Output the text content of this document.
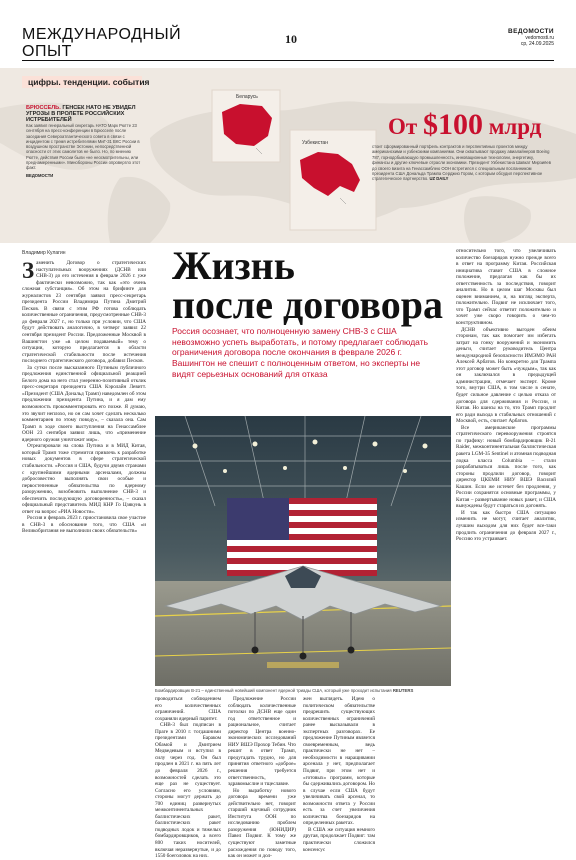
МЕЖДУНАРОДНЫЙ
ОПЫТ
10
ВЕДОМОСТИ
vedomosti.ru
ср, 24.09.2025
цифры. тенденции. события
Беларусь
Узбекистан
БРЮССЕЛЬ. ГЕНСЕК НАТО НЕ УВИДЕЛ УГРОЗЫ В ПРОЛЕТЕ РОССИЙСКИХ ИСТРЕБИТЕЛЕЙ
Как заявил генеральный секретарь НАТО Марк Рютте 23 сентября на пресс-конференции в Брюсселе после заседания Североатлантического совета в связи с инцидентом с тремя истребителями МиГ-31 ВКС России в воздушном пространстве Эстонии, непосредственной опасности от этих самолетов не было. Но, по мнению Рютте, действия России были «не неосмотрительны, или преднамеренными». Минобороны России опровергло этот факт.
ВЕДОМОСТИ
От $100 млрд
стоит сформированный портфель контрактов и перспективных проектов между американскими и узбекскими компаниями. Они охватывают продажу авиалайнеров Boeing 787, горнодобывающую промышленность, инновационные технологии, энергетику, финансы и другие ключевые отрасли экономики. Президент Узбекистана Шавкат Мирзиёев до своего визита на Генассамблею ООН встретился с специальным посланником президента США Дональда Трампа Серджио Гором, с которым обсудил перспективное стратегическое партнерство. UZ DAILY
Владимир Кулагин	Жизнь
после договора
Россия осознает, что полноценную замену СНВ-3 с США невозможно успеть выработать, и потому предлагает соблюдать ограничения договора после окончания в феврале 2026 г. Вашингтон не спешит с полноценным ответом, но эксперты не видят серьезных оснований для отказа
З аменить Договор о стратегических наступательных вооружениях (ДСНВ или СНВ-3) до его истечения в феврале 2026 г. уже фактически невозможно, так как «это очень сложная субстанция». Об этом на брифинге для журналистов 23 сентября заявил пресс-секретарь президента России Владимира Путина Дмитрий Песков. В связи с этим РФ готова соблюдать количественные ограничения, предусмотренные СНВ-3 до февраля 2027 г., но только при условии, что США будут действовать аналогично, в четверг заявил 22 сентября президент России. Предложенные Москвой в Вашингтон уже «в целом подаваемый» тему о ситуации, которую предлагается в области стратегической стабильности после истечения последнего стратегического договора, добавил Песков.

За сутки после высказанного Путиным публичного предложения единственной официальной реакцией Белого дома на него стал умеренно-позитивный отклик пресс-секретаря президента США Кэролайн Левитт. «Президент (США Дональд Трамп) наведомлен об этом предложении президента Путина, и я дам ему возможность прокомментировать его позже. Я думаю, это звучит неплохо, но он сам хочет сделать несколько комментариев по этому поводу», – сказала она. Сам Трамп в ходе своего выступления на Генассамблее ООН 23 сентября заявил лишь, что «применение ядерного оружия уничтожит мир».

Отреагировали на слова Путина и в МИД Китая, который Трамп тоже стремится привлечь к разработке новых документов в сфере стратегической стабильности. «Россия и США, будучи двумя странами с крупнейшими ядерными арсеналами, должны добросовестно выполнять свои особые и первостепенные обязательства по ядерному разоружению, возобновить выполнение СНВ-3 и обеспечить последующую договоренность», – сказал официальный представитель МИД КНР Го Цзякунь в ответ на вопрос «РИА Новости».

Россия и февраль 2023 г. приостановила свое участие в СНВ-3 в обоснование того, что США «и Великобритания не выполнили своих обязательств»

Бомбардировщик B-21 – единственный новейший компонент ядерной триады США, который уже проходит испытания REUTERS

проводиться соблюдением его количественных ограничений. США сохраняли ядерный паритет.

СНВ-3 был подписан в Праге в 2010 г. тогдашними президентами Бараком Обамой и Дмитрием Медведевым и вступил в силу через год. Он был продлен в 2021 г. на пять лет до февраля 2026 г., возможностей сделать это еще раз не существует. Согласно его условиям, стороны могут держать до 700 единиц развернутых межконтинентальных баллистических ракет, баллистических ракет подводных лодок и тяжелых бомбардировщиков, а всего 800 таких носителей, включая неразвернутые, и до 1550 боеголовок на них.

Предложение России соблюдать количественные потолки по ДСНВ еще один год ответственное и рациональное, считает директор Центра военно-экономических исследований НИУ ВШЭ Прохор Тебин. Что решит в ответ Трамп, предугадать трудно, но для принятия ответного «доброе» решения требуется ответственность, здравомыслие и тщеславие.

Но выработку нового договора времени уже действительно нет, говорит старший научный сотрудник Института ООН по исследованию проблем разоружения (ЮНИДИР) Павел Подвиг. К тому же существуют заметные расхождения по поводу того, как он может и дол-

жен выглядеть. Идею о политическом обязательстве предрешить существующих количественных ограничений ранее высказывали в экспертных разговорах. Ее предложение Путиным является своевременным, ведь практически не нет – необходимости в наращивании арсенала у нет, предполагает Подвиг, при этом нет и «готовых» программ, которые бы сдерживались договором. Но в случае если США будут увеличивать свой арсенал, то возможности ответа у России есть за счет увеличения количества боезарядов на определенных ракетах.

В США же ситуация немного другая, продолжает Подвиг: там практически сложился консенсус

относительно того, что увеличивать количество боезарядов нужно прежде всего в ответ на программу Китая. Российская инициатива ставит США в сложное положение, предлагая как бы их ответственность за последствия, говорит аналитик. Но в целом шаг Москвы был оценен вниманием, и, на взгляд эксперта, положительно. Подвиг не исключает того, что Трамп сейчас ответит положительно и хочет уже скоро говорить о чем-то конструктивном.

ДСНВ объективно выгоден обеим сторонам, так как помогает им избегать затрат на гонку вооружений и экономить деньги, считает руководитель Центра международной безопасности ИМЭМО РАН Алексей Арбатов. Но конкретно для Трампа этот договор может быть «чуждым», так как он заключался в предыдущей администрации, отмечает эксперт. Кроме того, внутри США, в том числе в сенате, будет сильное давление с целью отказа от договора для сдерживания и России, и Китая. Но шансы на то, что Трамп продлит его ради выхода в стабильных отношений с Москвой, есть, считает Арбатов.

Все американские программы стратегического перевооружения строятся по графику: новый бомбардировщик B-21 Raider, межконтинентальная баллистическая ракета LGM-35 Sentinel и атомная подводная лодка класса Columbia – стали разрабатываться лишь после того, как стороны продлили договор, говорит директор ЦКЕМИ НИУ ВШЭ Василий Кашин. Если же истечет без продления, у России сохранятся основные программы, у Китая – развертывание новых ракет, и США вынуждены будут стараться их догонять.

И так как быстро США ситуацию изменить не могут, считает аналитик, лучшим выходом для них будет все-таки продлить ограничения до февраля 2027 г., Россию это устраивает.
